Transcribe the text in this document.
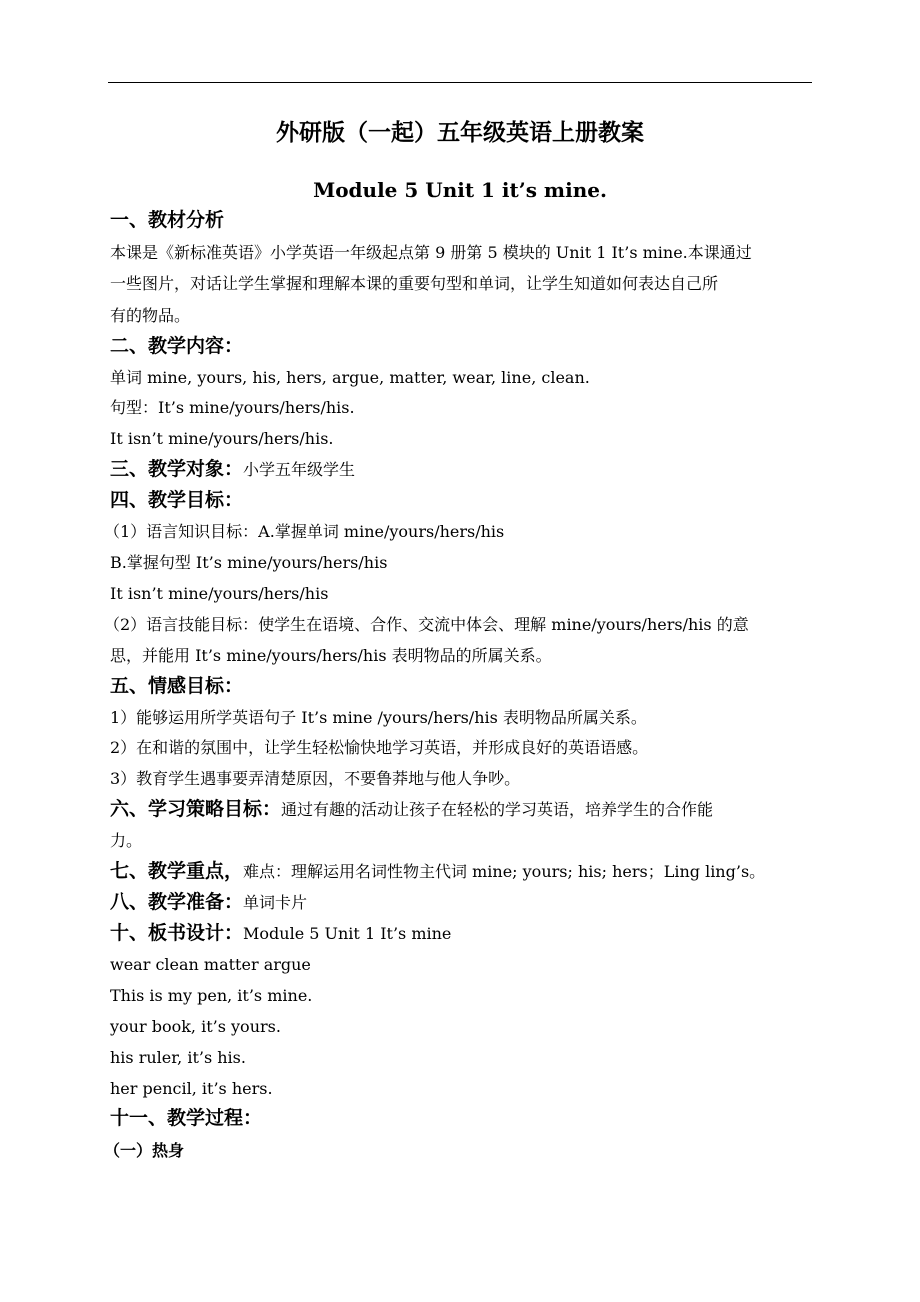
外研版（一起）五年级英语上册教案
Module 5 Unit 1 it’s mine.
一、教材分析
本课是《新标准英语》小学英语一年级起点第 9 册第 5 模块的 Unit 1 It’s mine.本课通过
一些图片，对话让学生掌握和理解本课的重要句型和单词，让学生知道如何表达自己所
有的物品。
二、教学内容：
单词 mine, yours, his, hers, argue, matter, wear, line, clean.
句型：It’s mine/yours/hers/his.
It isn’t mine/yours/hers/his.
三、教学对象：小学五年级学生
四、教学目标：
（1）语言知识目标：A.掌握单词 mine/yours/hers/his
B.掌握句型 It’s mine/yours/hers/his
It isn’t mine/yours/hers/his
（2）语言技能目标：使学生在语境、合作、交流中体会、理解 mine/yours/hers/his 的意
思，并能用 It’s mine/yours/hers/his 表明物品的所属关系。
五、情感目标：
1）能够运用所学英语句子 It’s mine /yours/hers/his 表明物品所属关系。
2）在和谐的氛围中，让学生轻松愉快地学习英语，并形成良好的英语语感。
3）教育学生遇事要弄清楚原因，不要鲁莽地与他人争吵。
六、学习策略目标：通过有趣的活动让孩子在轻松的学习英语，培养学生的合作能
力。
七、教学重点，难点：理解运用名词性物主代词 mine; yours; his; hers；Ling ling’s。
八、教学准备：单词卡片
十、板书设计：Module 5 Unit 1 It’s mine
wear clean matter argue
This is my pen, it’s mine.
your book, it’s yours.
his ruler, it’s his.
her pencil, it’s hers.
十一、教学过程：
（一）热身
